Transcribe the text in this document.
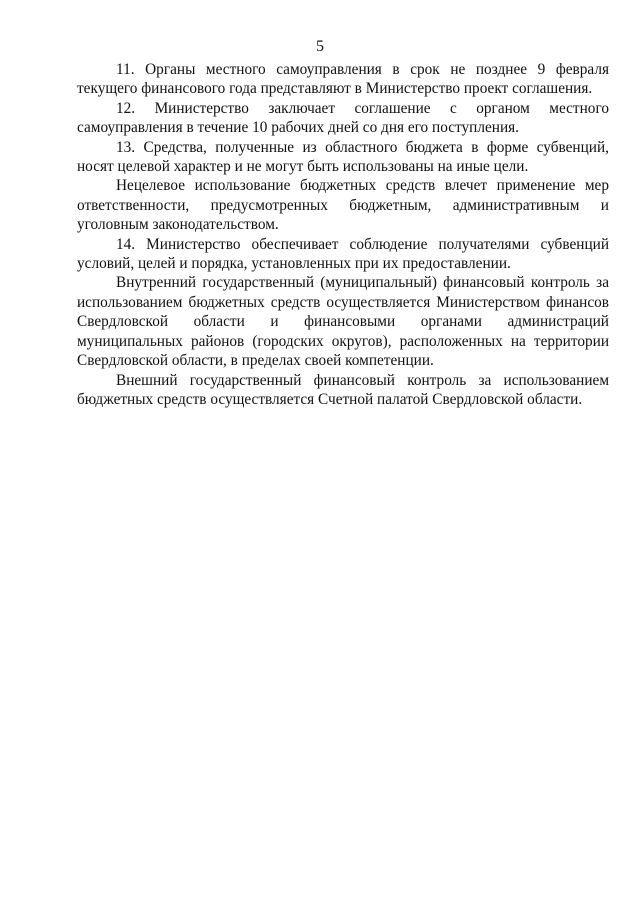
5

11. Органы местного самоуправления в срок не позднее 9 февраля текущего финансового года представляют в Министерство проект соглашения.

12. Министерство заключает соглашение с органом местного самоуправления в течение 10 рабочих дней со дня его поступления.

13. Средства, полученные из областного бюджета в форме субвенций, носят целевой характер и не могут быть использованы на иные цели.

Нецелевое использование бюджетных средств влечет применение мер ответственности, предусмотренных бюджетным, административным и уголовным законодательством.

14. Министерство обеспечивает соблюдение получателями субвенций условий, целей и порядка, установленных при их предоставлении.

Внутренний государственный (муниципальный) финансовый контроль за использованием бюджетных средств осуществляется Министерством финансов Свердловской области и финансовыми органами администраций муниципальных районов (городских округов), расположенных на территории Свердловской области, в пределах своей компетенции.

Внешний государственный финансовый контроль за использованием бюджетных средств осуществляется Счетной палатой Свердловской области.
